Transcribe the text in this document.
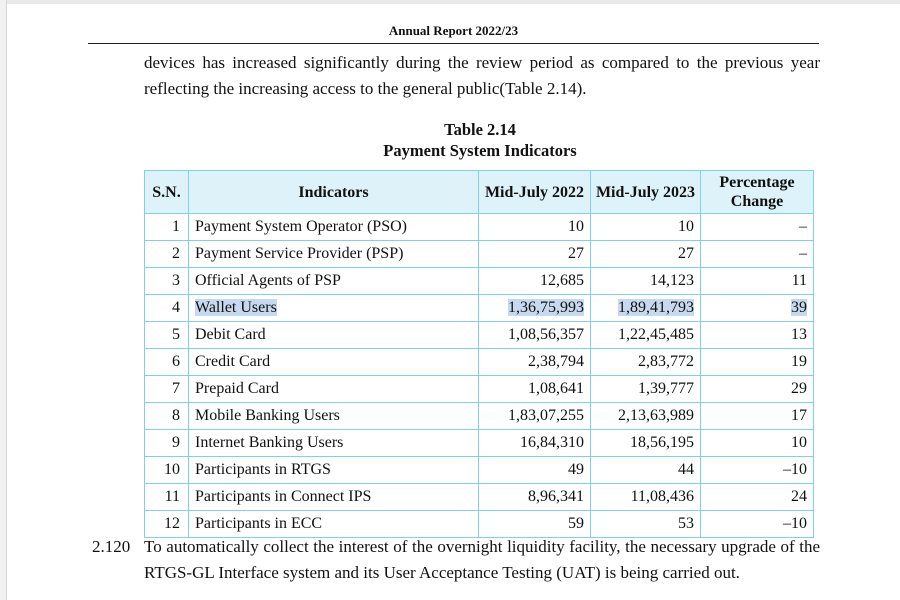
Annual Report 2022/23
devices has increased significantly during the review period as compared to the previous year reflecting the increasing access to the general public(Table 2.14).
Table 2.14
Payment System Indicators
S.N.	Indicators	Mid-July 2022	Mid-July 2023	Percentage Change
1	Payment System Operator (PSO)	10	10	–
2	Payment Service Provider (PSP)	27	27	–
3	Official Agents of PSP	12,685	14,123	11
4	Wallet Users	1,36,75,993	1,89,41,793	39
5	Debit Card	1,08,56,357	1,22,45,485	13
6	Credit Card	2,38,794	2,83,772	19
7	Prepaid Card	1,08,641	1,39,777	29
8	Mobile Banking Users	1,83,07,255	2,13,63,989	17
9	Internet Banking Users	16,84,310	18,56,195	10
10	Participants in RTGS	49	44	–10
11	Participants in Connect IPS	8,96,341	11,08,436	24
12	Participants in ECC	59	53	–10
2.120 To automatically collect the interest of the overnight liquidity facility, the necessary upgrade of the RTGS-GL Interface system and its User Acceptance Testing (UAT) is being carried out.
